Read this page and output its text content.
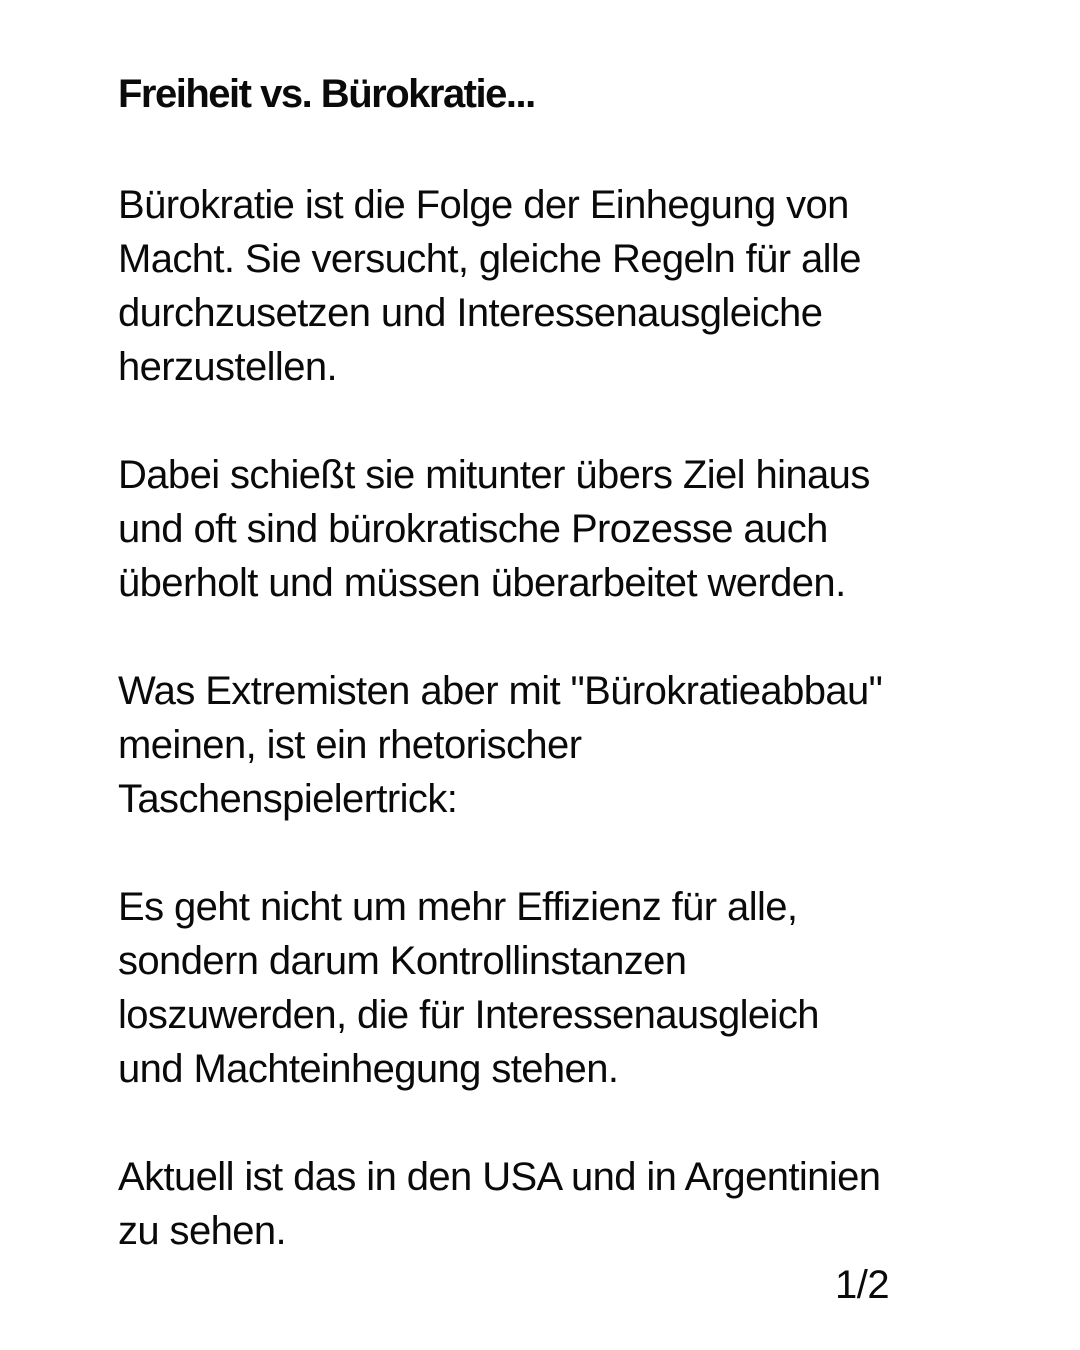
Freiheit vs. Bürokratie...

Bürokratie ist die Folge der Einhegung von
Macht. Sie versucht, gleiche Regeln für alle
durchzusetzen und Interessenausgleiche
herzustellen.

Dabei schießt sie mitunter übers Ziel hinaus
und oft sind bürokratische Prozesse auch
überholt und müssen überarbeitet werden.

Was Extremisten aber mit "Bürokratieabbau"
meinen, ist ein rhetorischer
Taschenspielertrick:

Es geht nicht um mehr Effizienz für alle,
sondern darum Kontrollinstanzen
loszuwerden, die für Interessenausgleich
und Machteinhegung stehen.

Aktuell ist das in den USA und in Argentinien
zu sehen.

1/2
